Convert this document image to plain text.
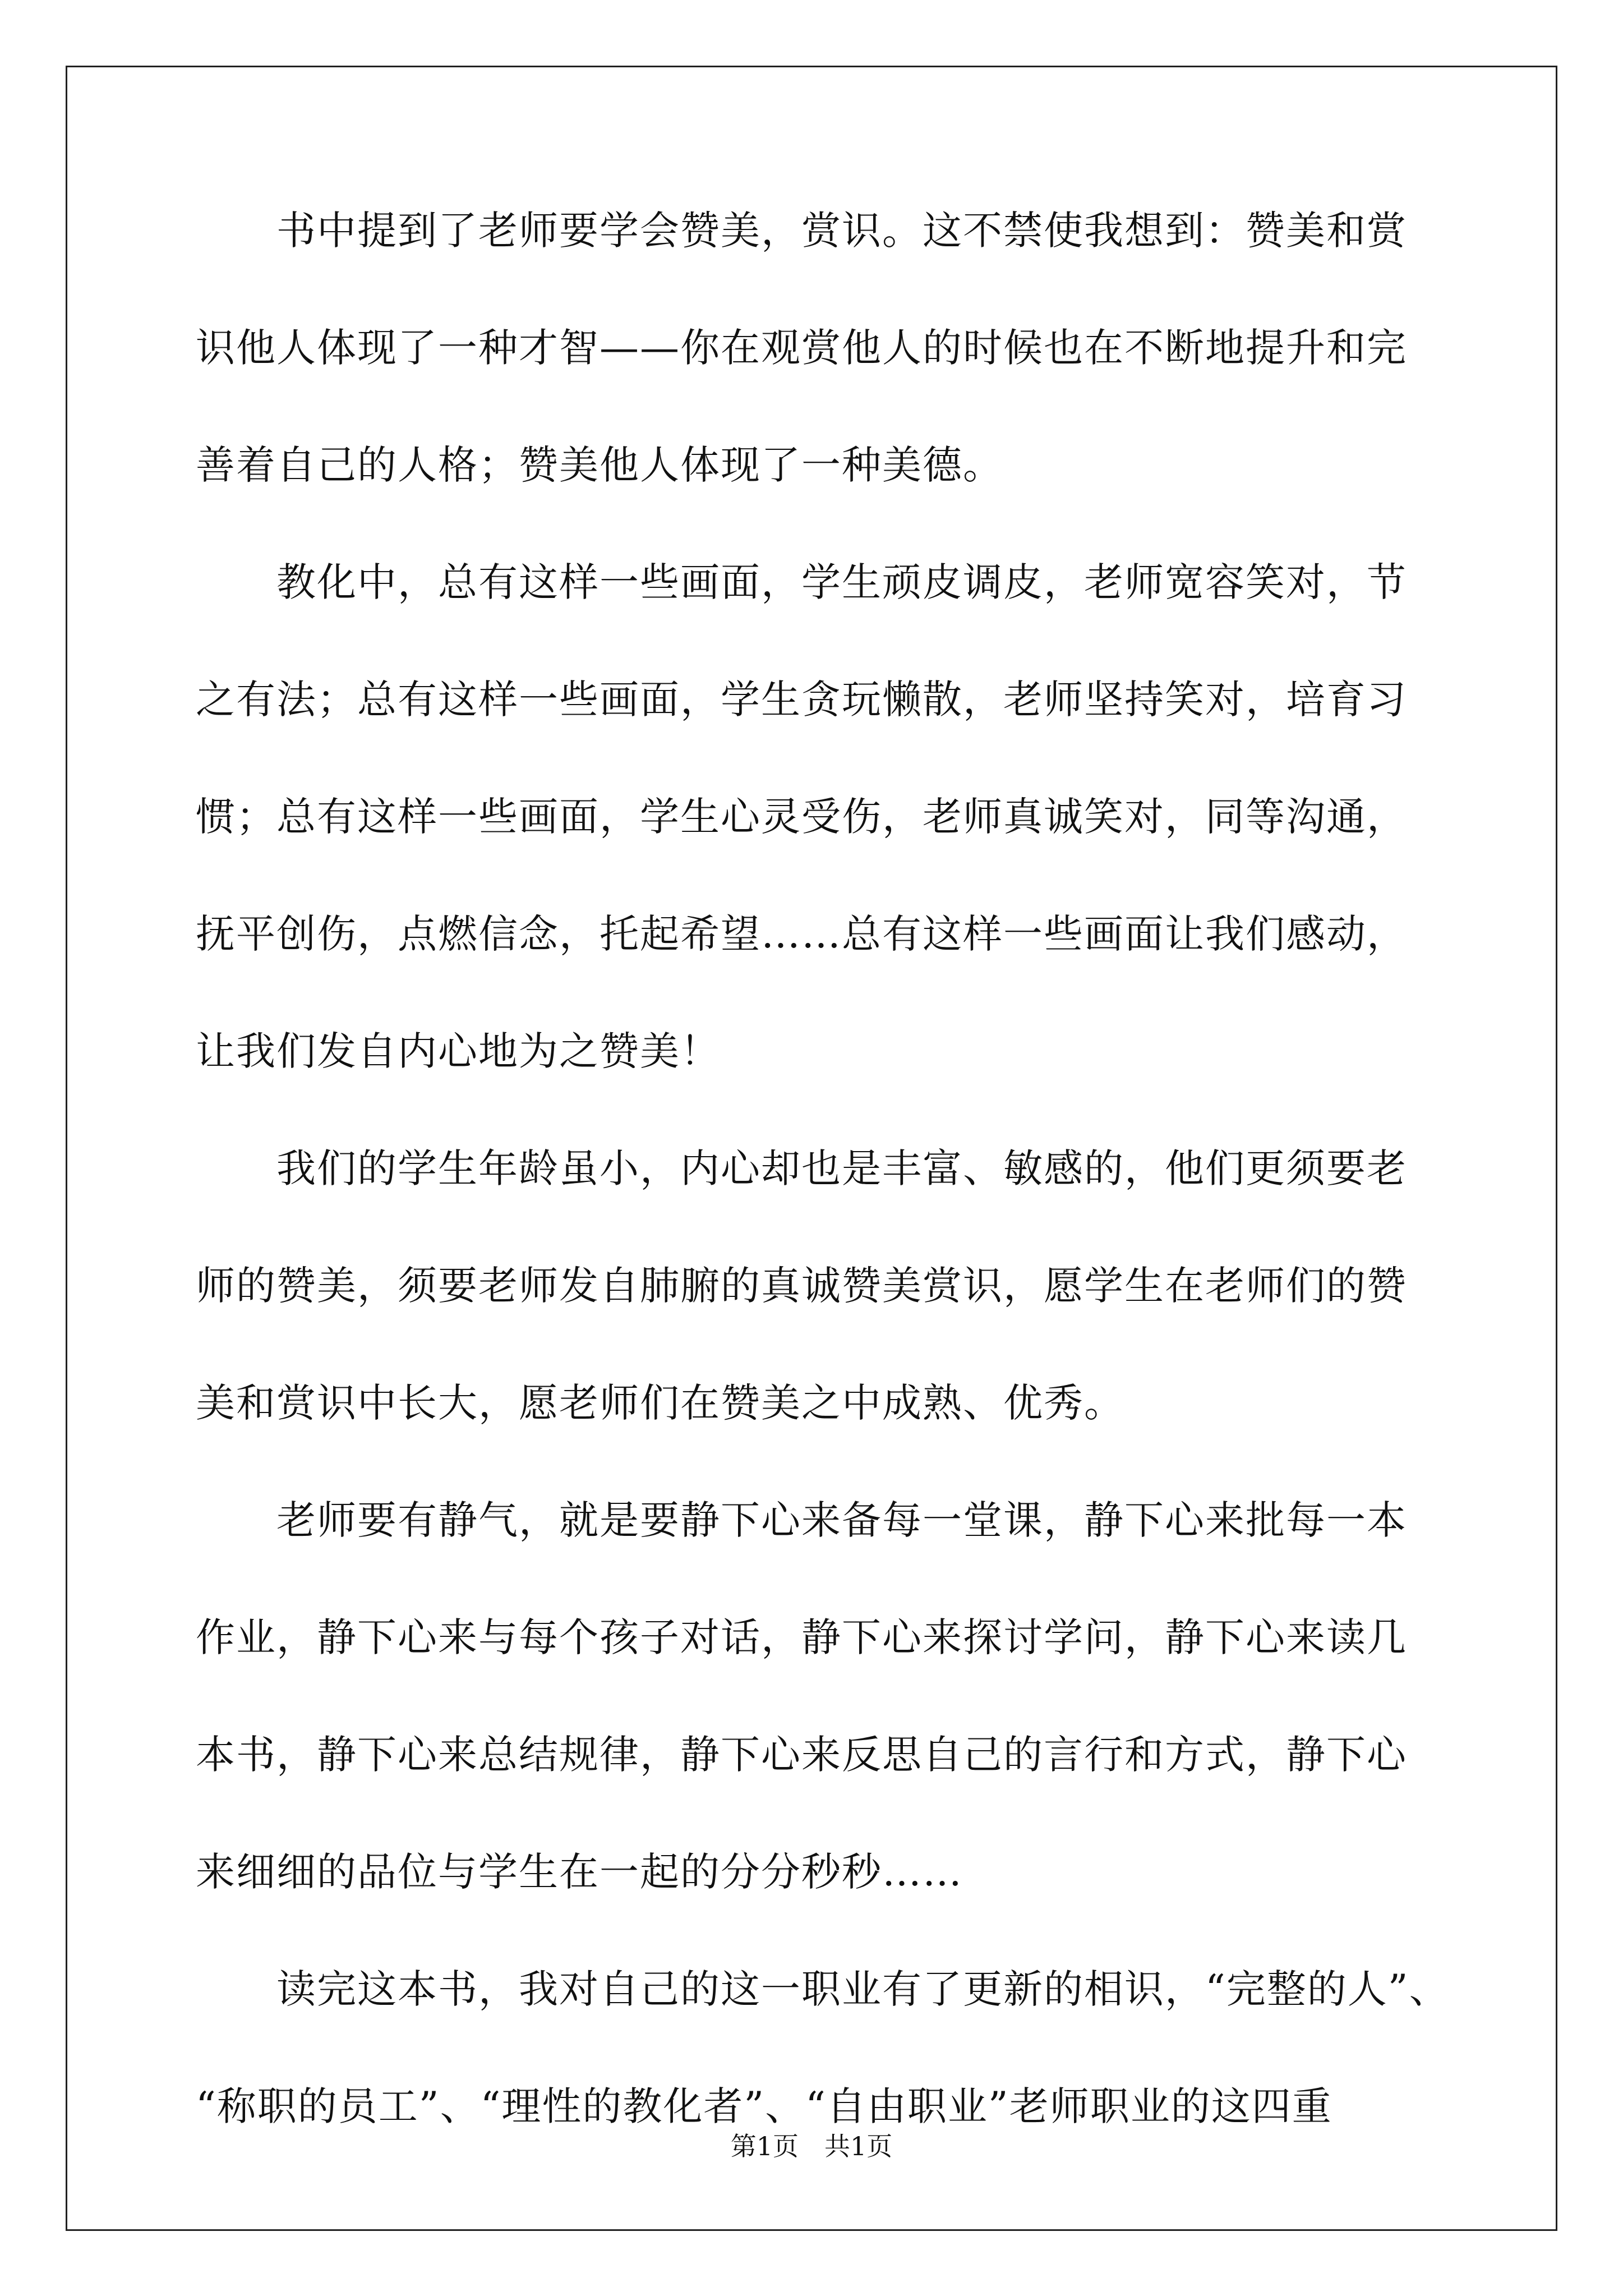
　　书中提到了老师要学会赞美，赏识。这不禁使我想到：赞美和赏
识他人体现了一种才智——你在观赏他人的时候也在不断地提升和完
善着自己的人格；赞美他人体现了一种美德。
　　教化中，总有这样一些画面，学生顽皮调皮，老师宽容笑对，节
之有法；总有这样一些画面，学生贪玩懒散，老师坚持笑对，培育习
惯；总有这样一些画面，学生心灵受伤，老师真诚笑对，同等沟通，
抚平创伤，点燃信念，托起希望……总有这样一些画面让我们感动，
让我们发自内心地为之赞美！
　　我们的学生年龄虽小，内心却也是丰富、敏感的，他们更须要老
师的赞美，须要老师发自肺腑的真诚赞美赏识，愿学生在老师们的赞
美和赏识中长大，愿老师们在赞美之中成熟、优秀。
　　老师要有静气，就是要静下心来备每一堂课，静下心来批每一本
作业，静下心来与每个孩子对话，静下心来探讨学问，静下心来读几
本书，静下心来总结规律，静下心来反思自己的言行和方式，静下心
来细细的品位与学生在一起的分分秒秒……
　　读完这本书，我对自己的这一职业有了更新的相识，“完整的人”、
“称职的员工”、“理性的教化者”、“自由职业”老师职业的这四重
第1页　共1页
